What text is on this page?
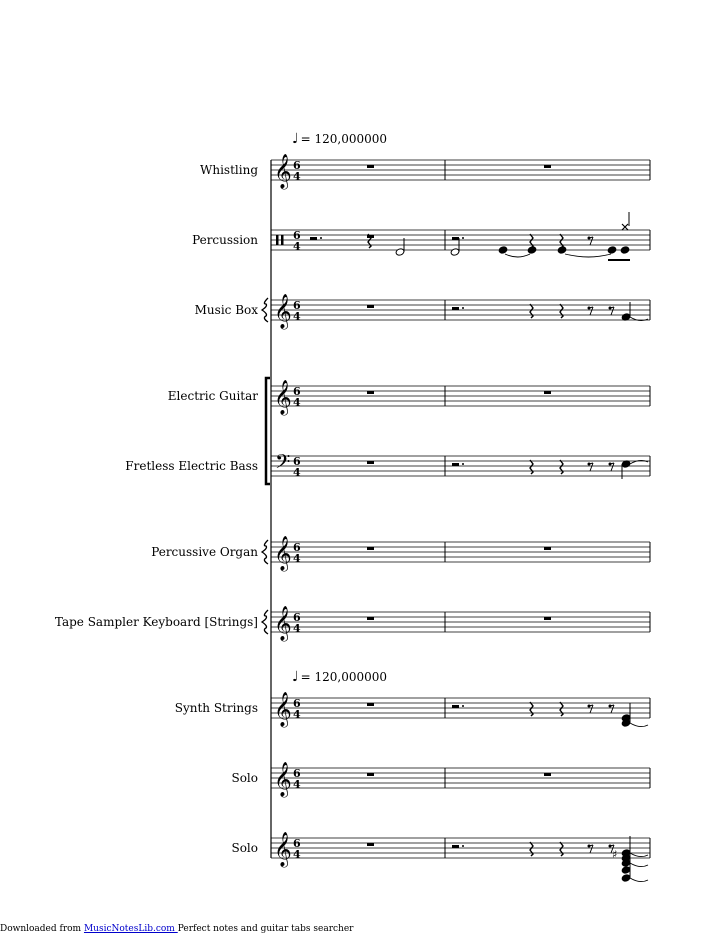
♩ = 120,000000
♩ = 120,000000
Whistling
Percussion
Music Box
Electric Guitar
Fretless Electric Bass
Percussive Organ
Tape Sampler Keyboard [Strings]
Synth Strings
Solo
Solo
𝄞 6
4
6
4
𝄞 6
4
𝄞 6
4
𝄢 6
4
𝄞 6
4
𝄞 6
4
𝄞 6
4
𝄞 6
4
𝄞 6
4	♯
Downloaded from MusicNotesLib.com Perfect notes and guitar tabs searcher
